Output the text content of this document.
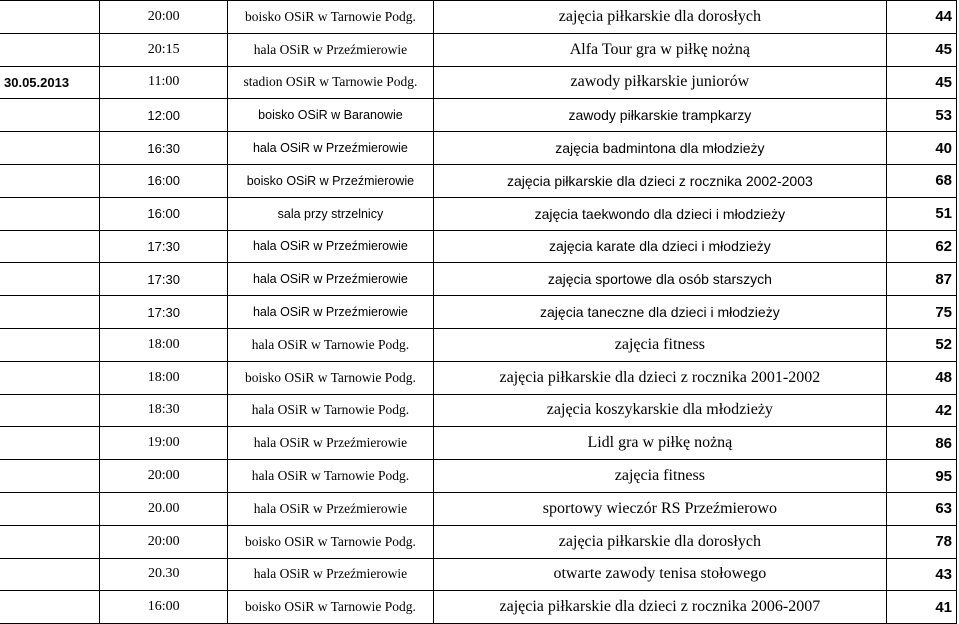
	20:00	boisko OSiR w Tarnowie Podg.	zajęcia piłkarskie dla dorosłych	44
	20:15	hala OSiR w Przeźmierowie	Alfa Tour gra w piłkę nożną	45
30.05.2013	11:00	stadion OSiR w Tarnowie Podg.	zawody piłkarskie juniorów	45
	12:00	boisko OSiR w Baranowie	zawody piłkarskie trampkarzy	53
	16:30	hala OSiR w Przeźmierowie	zajęcia badmintona dla młodzieży	40
	16:00	boisko OSiR w Przeźmierowie	zajęcia piłkarskie dla dzieci z rocznika 2002-2003	68
	16:00	sala przy strzelnicy	zajęcia taekwondo dla dzieci i młodzieży	51
	17:30	hala OSiR w Przeźmierowie	zajęcia karate dla dzieci i młodzieży	62
	17:30	hala OSiR w Przeźmierowie	zajęcia sportowe dla osób starszych	87
	17:30	hala OSiR w Przeźmierowie	zajęcia taneczne dla dzieci i młodzieży	75
	18:00	hala OSiR w Tarnowie Podg.	zajęcia fitness	52
	18:00	boisko OSiR w Tarnowie Podg.	zajęcia piłkarskie dla dzieci z rocznika 2001-2002	48
	18:30	hala OSiR w Tarnowie Podg.	zajęcia koszykarskie dla młodzieży	42
	19:00	hala OSiR w Przeźmierowie	Lidl gra w piłkę nożną	86
	20:00	hala OSiR w Tarnowie Podg.	zajęcia fitness	95
	20.00	hala OSiR w Przeźmierowie	sportowy wieczór RS Przeźmierowo	63
	20:00	boisko OSiR w Tarnowie Podg.	zajęcia piłkarskie dla dorosłych	78
	20.30	hala OSiR w Przeźmierowie	otwarte zawody tenisa stołowego	43
	16:00	boisko OSiR w Tarnowie Podg.	zajęcia piłkarskie dla dzieci z rocznika 2006-2007	41
